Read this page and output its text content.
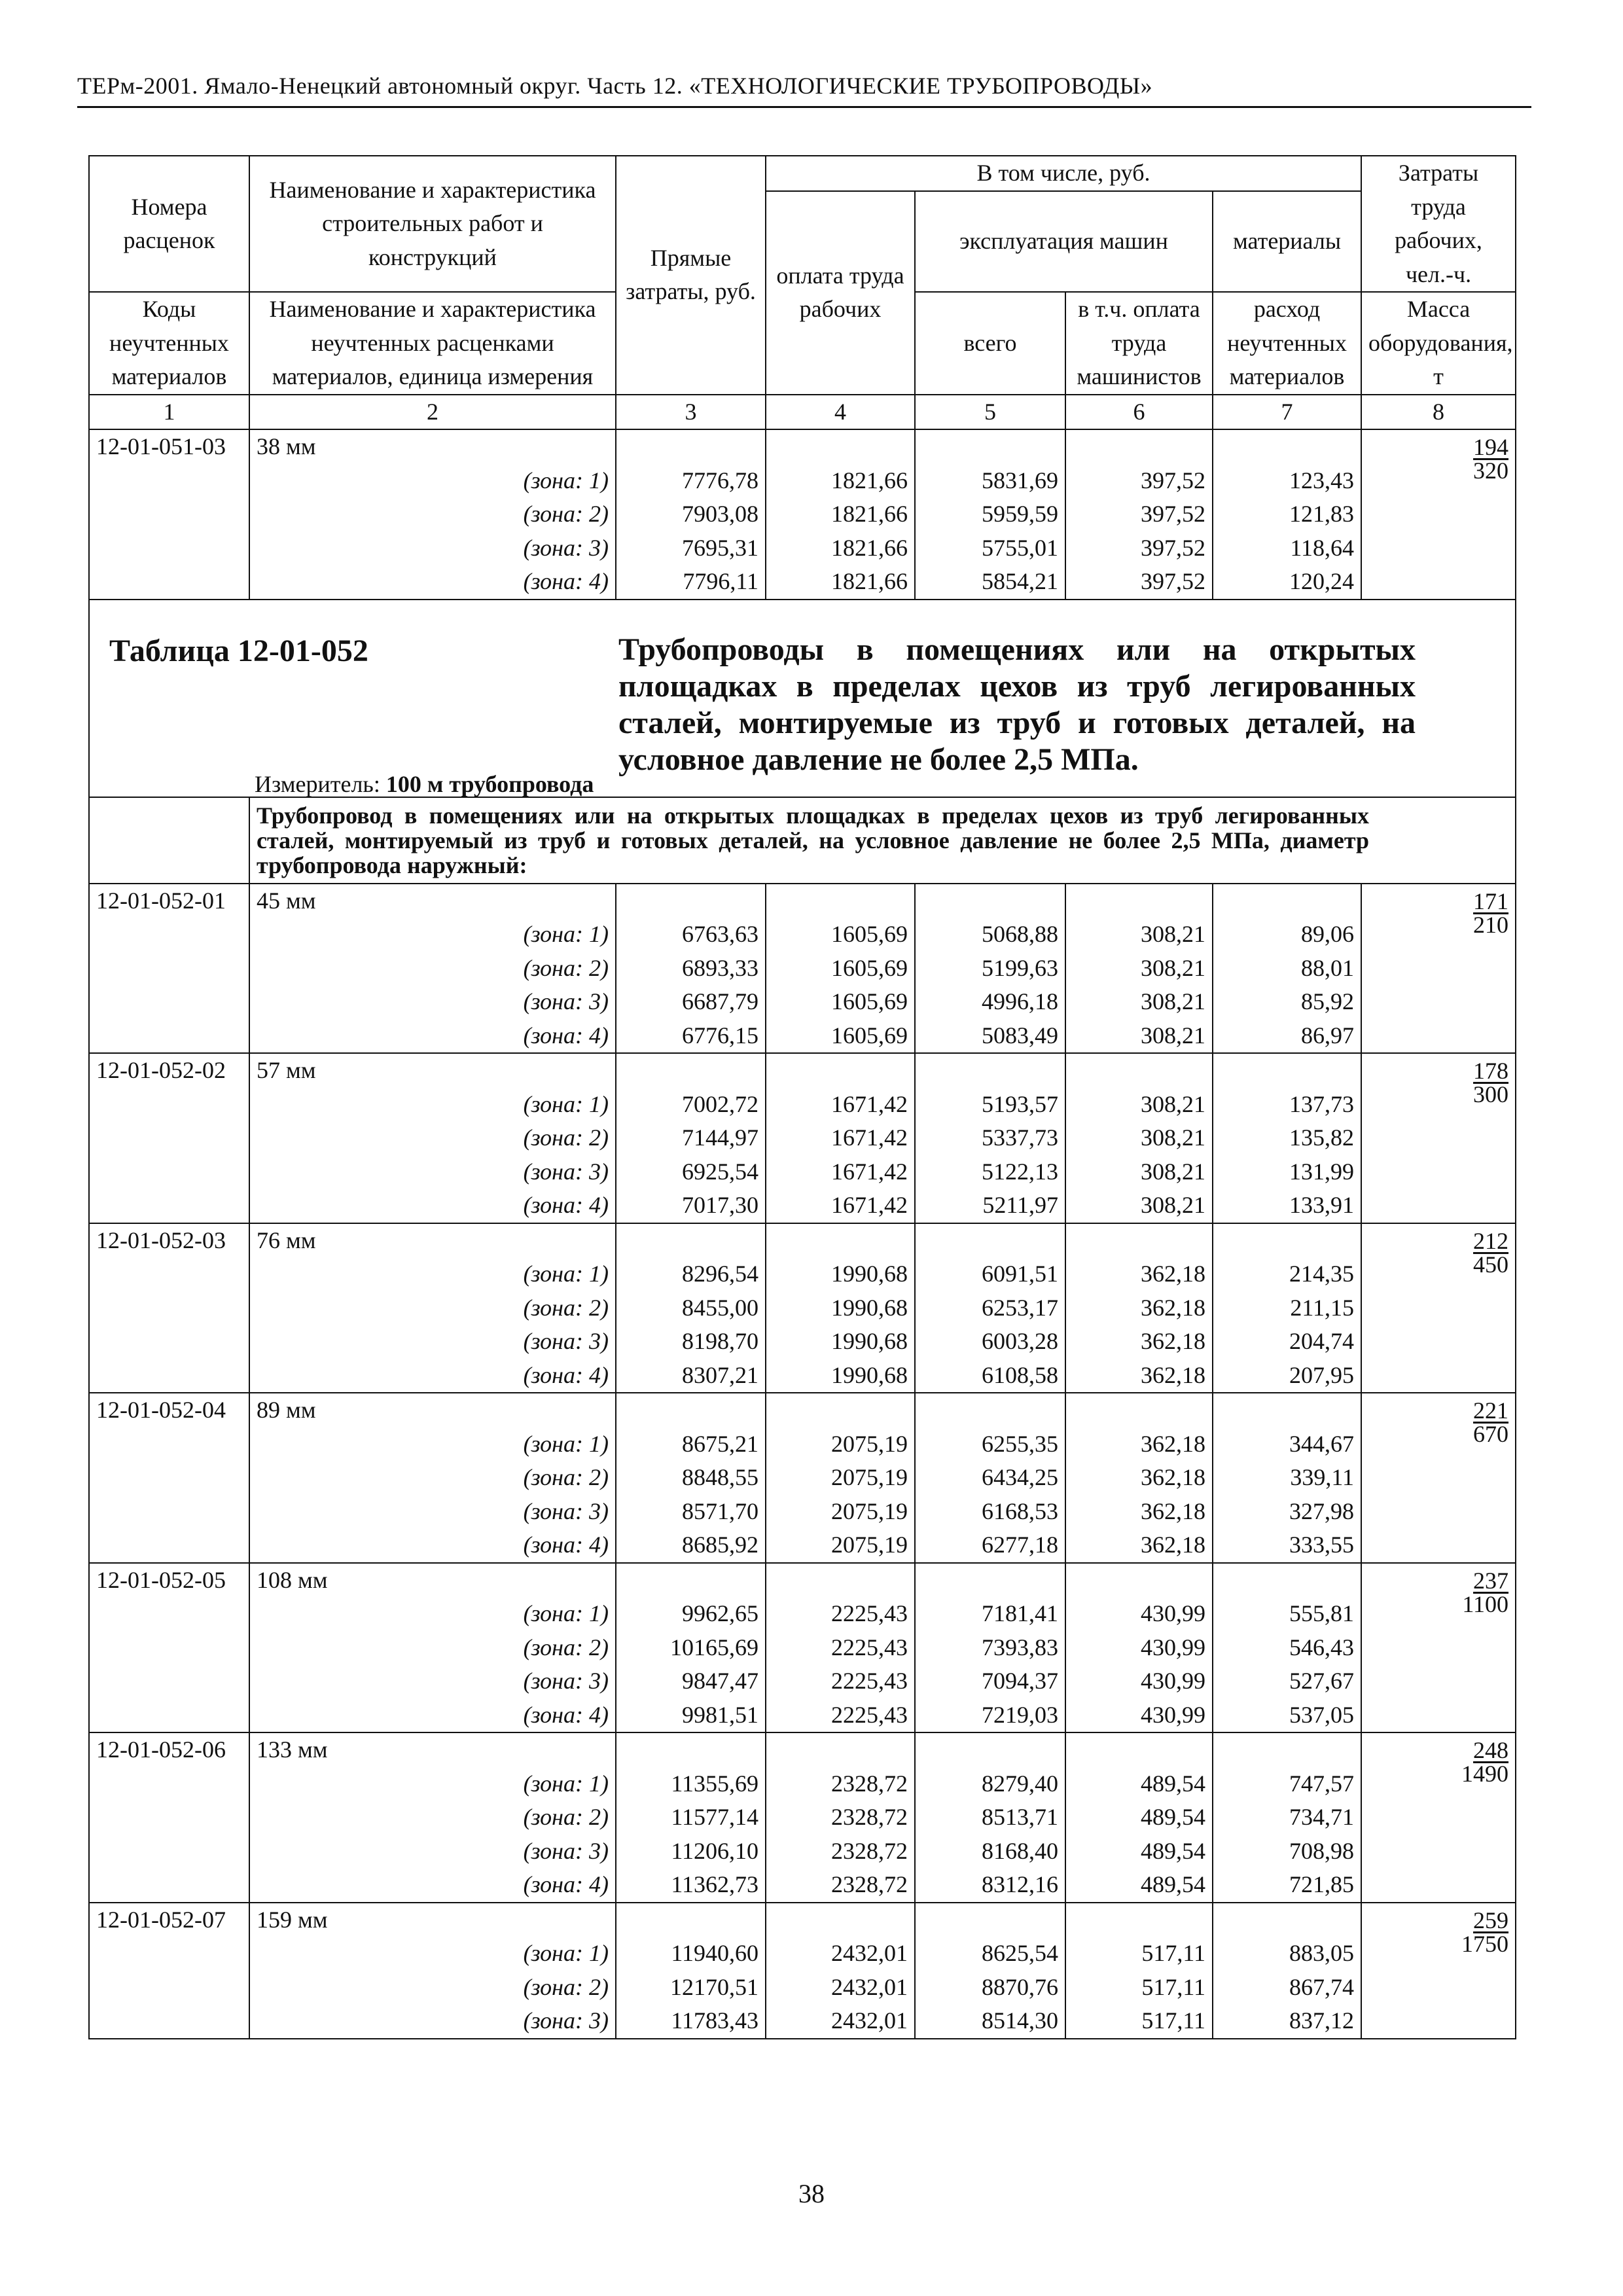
ТЕРм-2001. Ямало-Ненецкий автономный округ. Часть 12. «ТЕХНОЛОГИЧЕСКИЕ ТРУБОПРОВОДЫ»
Номера расценок	Наименование и характеристика строительных работ и конструкций	Прямые затраты, руб.	В том числе, руб.				Затраты труда рабочих, чел.-ч.
			оплата труда рабочих	эксплуатация машин		материалы	
Коды неучтенных материалов	Наименование и характеристика неучтенных расценками материалов, единица измерения			всего	в т.ч. оплата труда машинистов	расход неучтенных материалов	Масса оборудования, т
1	2	3	4	5	6	7	8
12-01-051-03	38 мм						$\frac{194}{320}$

	(зона: 1)	7776,78	1821,66	5831,69	397,52	123,43	
	(зона: 2)	7903,08	1821,66	5959,59	397,52	121,83	
	(зона: 3)	7695,31	1821,66	5755,01	397,52	118,64	
	(зона: 4)	7796,11	1821,66	5854,21	397,52	120,24	

Таблица 12-01-052 Трубопроводы в помещениях или на открытых площадках в пределах цехов из труб легированных сталей, монтируемые из труб и готовых деталей, на условное давление не более 2,5 МПа.
Измеритель: 100 м трубопровода							

	Трубопровод в помещениях или на открытых площадках в пределах цехов из труб легированных сталей, монтируемый из труб и готовых деталей, на условное давление не более 2,5 МПа, диаметр трубопровода наружный:						

12-01-052-01	45 мм						$\frac{171}{210}$

	(зона: 1)	6763,63	1605,69	5068,88	308,21	89,06	
	(зона: 2)	6893,33	1605,69	5199,63	308,21	88,01	
	(зона: 3)	6687,79	1605,69	4996,18	308,21	85,92	
	(зона: 4)	6776,15	1605,69	5083,49	308,21	86,97	
12-01-052-02	57 мм						$\frac{178}{300}$

	(зона: 1)	7002,72	1671,42	5193,57	308,21	137,73	
	(зона: 2)	7144,97	1671,42	5337,73	308,21	135,82	
	(зона: 3)	6925,54	1671,42	5122,13	308,21	131,99	
	(зона: 4)	7017,30	1671,42	5211,97	308,21	133,91	
12-01-052-03	76 мм						$\frac{212}{450}$

	(зона: 1)	8296,54	1990,68	6091,51	362,18	214,35	
	(зона: 2)	8455,00	1990,68	6253,17	362,18	211,15	
	(зона: 3)	8198,70	1990,68	6003,28	362,18	204,74	
	(зона: 4)	8307,21	1990,68	6108,58	362,18	207,95	
12-01-052-04	89 мм						$\frac{221}{670}$

	(зона: 1)	8675,21	2075,19	6255,35	362,18	344,67	
	(зона: 2)	8848,55	2075,19	6434,25	362,18	339,11	
	(зона: 3)	8571,70	2075,19	6168,53	362,18	327,98	
	(зона: 4)	8685,92	2075,19	6277,18	362,18	333,55	
12-01-052-05	108 мм						$\frac{237}{1100}$

	(зона: 1)	9962,65	2225,43	7181,41	430,99	555,81	
	(зона: 2)	10165,69	2225,43	7393,83	430,99	546,43	
	(зона: 3)	9847,47	2225,43	7094,37	430,99	527,67	
	(зона: 4)	9981,51	2225,43	7219,03	430,99	537,05	
12-01-052-06	133 мм						$\frac{248}{1490}$

	(зона: 1)	11355,69	2328,72	8279,40	489,54	747,57	
	(зона: 2)	11577,14	2328,72	8513,71	489,54	734,71	
	(зона: 3)	11206,10	2328,72	8168,40	489,54	708,98	
	(зона: 4)	11362,73	2328,72	8312,16	489,54	721,85	
12-01-052-07	159 мм						$\frac{259}{1750}$

	(зона: 1)	11940,60	2432,01	8625,54	517,11	883,05	
	(зона: 2)	12170,51	2432,01	8870,76	517,11	867,74	
	(зона: 3)	11783,43	2432,01	8514,30	517,11	837,12	
38
